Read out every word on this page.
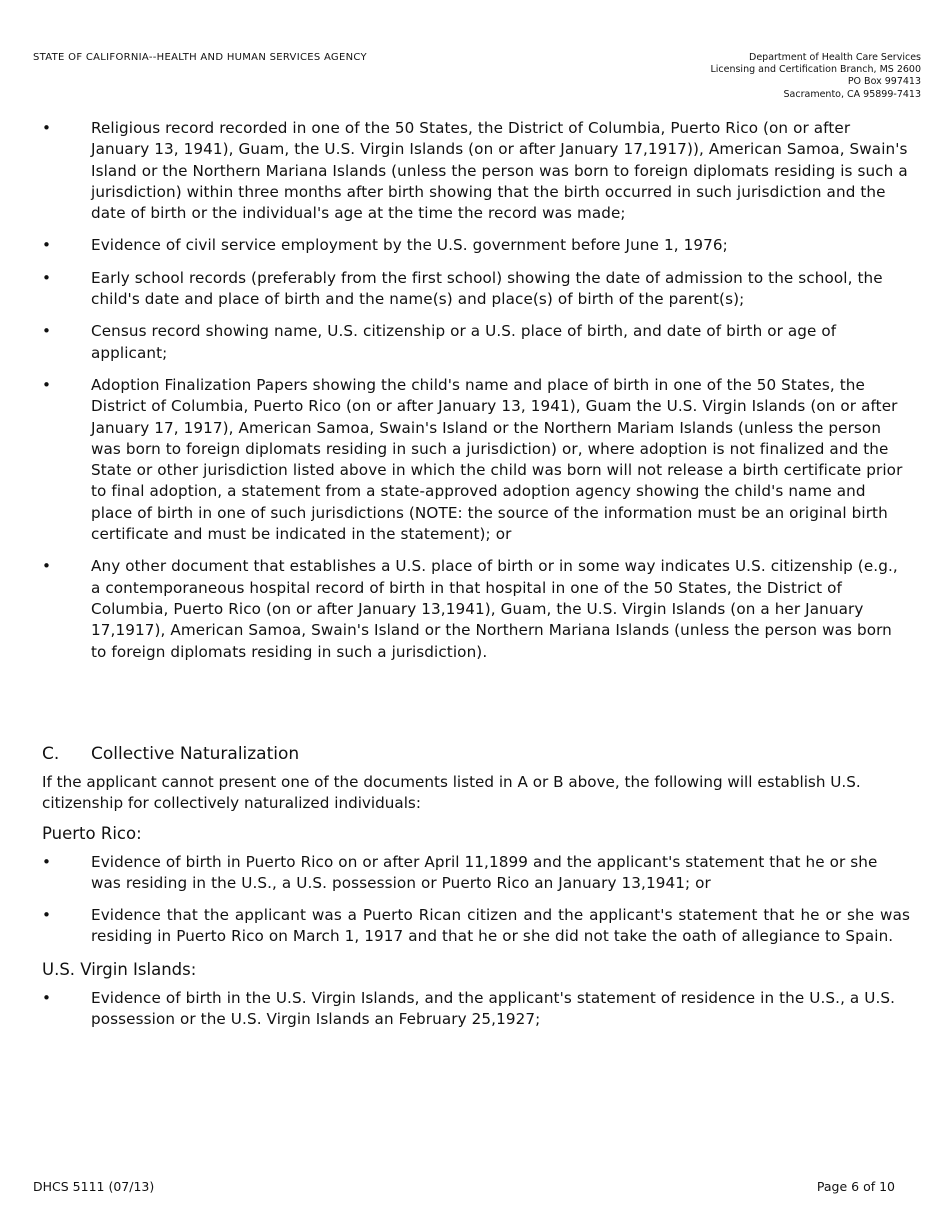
STATE OF CALIFORNIA--HEALTH AND HUMAN SERVICES AGENCY	Department of Health Care Services
Licensing and Certification Branch, MS 2600
PO Box 997413
Sacramento, CA 95899-7413
•	Religious record recorded in one of the 50 States, the District of Columbia, Puerto Rico (on or after January 13, 1941), Guam, the U.S. Virgin Islands (on or after January 17,1917)), American Samoa, Swain's Island or the Northern Mariana Islands (unless the person was born to foreign diplomats residing is such a jurisdiction) within three months after birth showing that the birth occurred in such jurisdiction and the date of birth or the individual's age at the time the record was made;
•	Evidence of civil service employment by the U.S. government before June 1, 1976;
•	Early school records (preferably from the first school) showing the date of admission to the school, the child's date and place of birth and the name(s) and place(s) of birth of the parent(s);
•	Census record showing name, U.S. citizenship or a U.S. place of birth, and date of birth or age of applicant;
•	Adoption Finalization Papers showing the child's name and place of birth in one of the 50 States, the District of Columbia, Puerto Rico (on or after January 13, 1941), Guam the U.S. Virgin Islands (on or after January 17, 1917), American Samoa, Swain's Island or the Northern Mariam Islands (unless the person was born to foreign diplomats residing in such a jurisdiction) or, where adoption is not finalized and the State or other jurisdiction listed above in which the child was born will not release a birth certificate prior to final adoption, a statement from a state-approved adoption agency showing the child's name and place of birth in one of such jurisdictions (NOTE: the source of the information must be an original birth certificate and must be indicated in the statement); or
•	Any other document that establishes a U.S. place of birth or in some way indicates U.S. citizenship (e.g., a contemporaneous hospital record of birth in that hospital in one of the 50 States, the District of Columbia, Puerto Rico (on or after January 13,1941), Guam, the U.S. Virgin Islands (on a her January 17,1917), American Samoa, Swain's Island or the Northern Mariana Islands (unless the person was born to foreign diplomats residing in such a jurisdiction).
C.	Collective Naturalization
If the applicant cannot present one of the documents listed in A or B above, the following will establish U.S. citizenship for collectively naturalized individuals:
Puerto Rico:
•	Evidence of birth in Puerto Rico on or after April 11,1899 and the applicant's statement that he or she was residing in the U.S., a U.S. possession or Puerto Rico an January 13,1941; or
•	Evidence that the applicant was a Puerto Rican citizen and the applicant's statement that he or she was residing in Puerto Rico on March 1, 1917 and that he or she did not take the oath of allegiance to Spain.
U.S. Virgin Islands:
•	Evidence of birth in the U.S. Virgin Islands, and the applicant's statement of residence in the U.S., a U.S. possession or the U.S. Virgin Islands an February 25,1927;
DHCS 5111 (07/13)	Page 6 of 10
